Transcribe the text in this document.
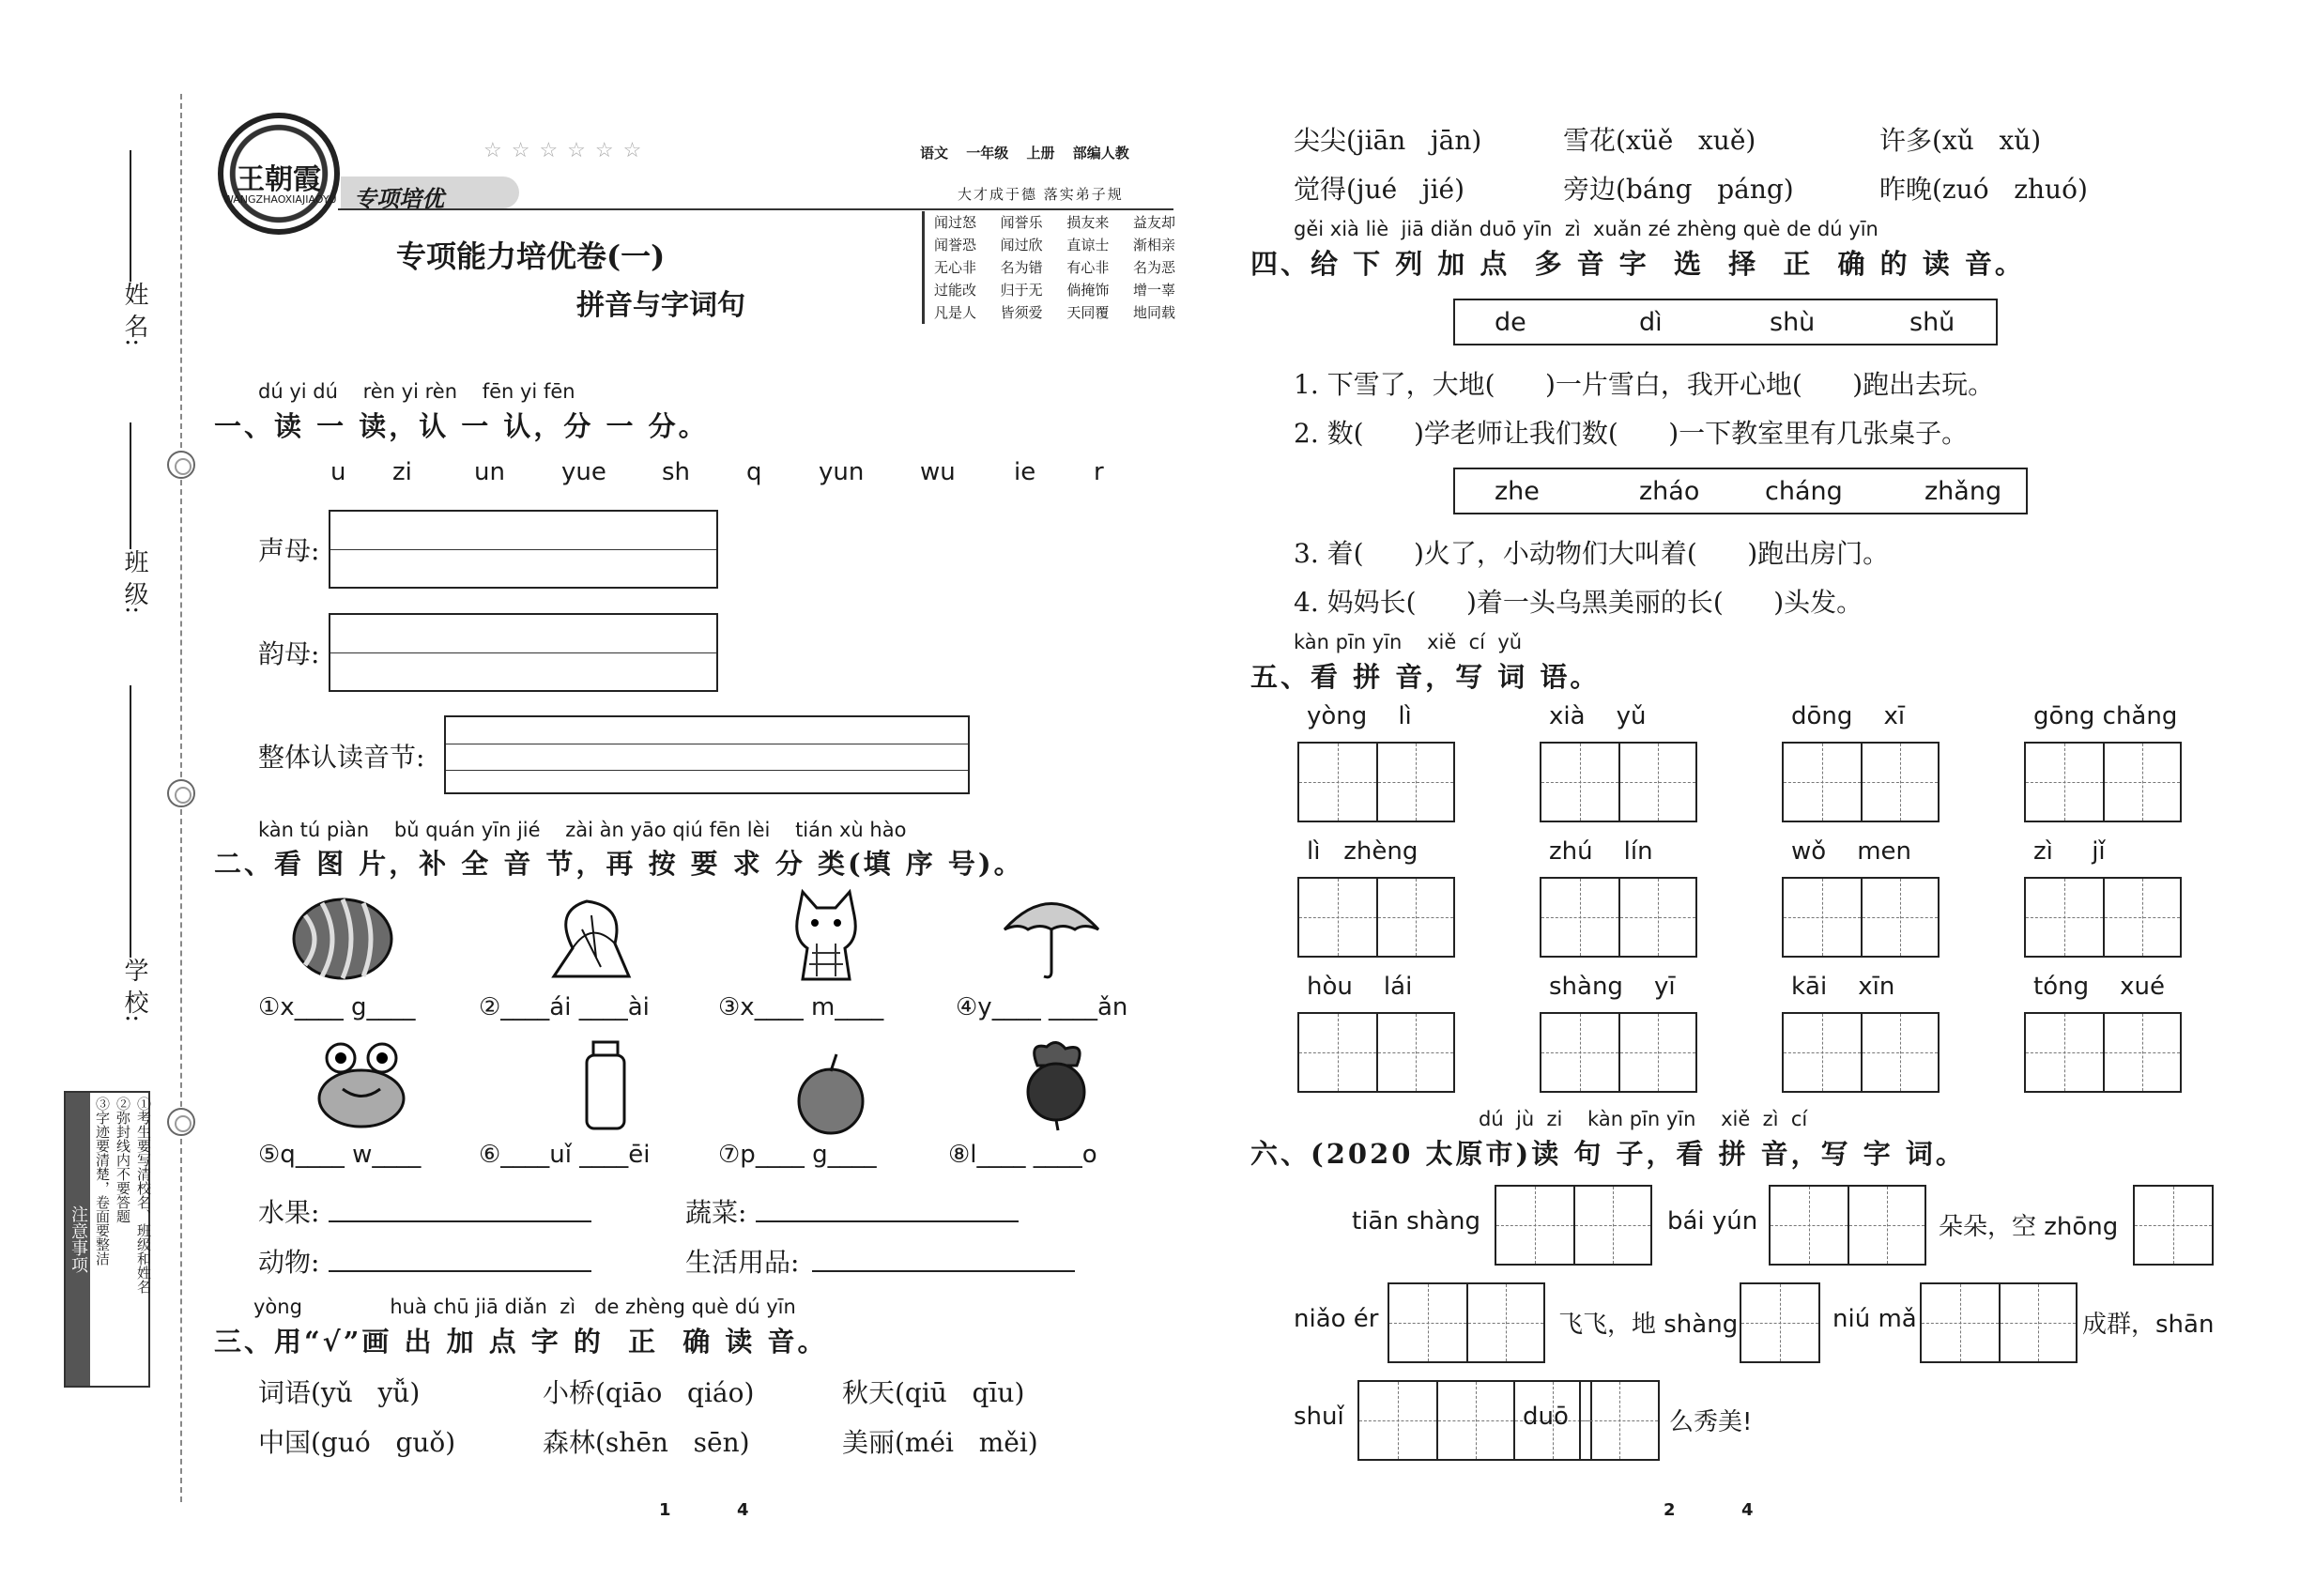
姓 名:
班 级:
学 校:
注意事项	①考生要写清校名、班级和姓名
②弥封线内不要答题
③字迹要清楚，卷面要整洁
王朝霞
WANGZHAOXIAJIAOYU
☆☆☆☆☆☆
专项培优
语文 一年级 上册 部编人教
大才成于德 落实弟子规
闻过怒 闻誉乐 损友来 益友却
闻誉恐 闻过欣 直谅士 渐相亲
无心非 名为错 有心非 名为恶
过能改 归于无 倘掩饰 增一辜
凡是人 皆须爱 天同覆 地同载
专项能力培优卷(一)
拼音与字词句
dú yi dú    rèn yi rèn    fēn yi fēn
一、读 一 读，认 一 认，分 一 分。
u zi	un yue sh q yun wu ie r
声母:
韵母:
整体认读音节:
kàn tú piàn    bǔ quán yīn jié    zài àn yāo qiú fēn lèi    tián xù hào
二、看 图 片，补 全 音 节，再 按 要 求 分 类(填 序 号)。
①x____ g____	②____ái ____ài	③x____ m____	④y____ ____ǎn
⑤q____ w____ ⑥____uǐ ____ēi	⑦p____ g____	⑧l____ ____o
水果:	蔬菜:
动物:	生活用品:
yòng              huà chū jiā diǎn  zì   de zhèng què dú yīn
三、用“√”画 出 加 点 字 的  正  确 读 音。
词语(yǔ   yǚ)	小桥(qiāo   qiáo)	秋天(qiū   qīu)
中国(guó   guǒ)	森林(shēn   sēn)	美丽(méi   měi)
1	4
尖尖(jiān   jān)	雪花(xüě   xuě)	许多(xǔ   xǔ)
觉得(jué   jié)	旁边(báng   páng)	昨晚(zuó   zhuó)
gěi xià liè  jiā diǎn duō yīn  zì  xuǎn zé zhèng què de dú yīn
四、给 下 列 加 点  多 音 字  选  择  正  确 的 读 音。
de	dì	shù	shǔ
1. 下雪了，大地(      )一片雪白，我开心地(      )跑出去玩。
2. 数(      )学老师让我们数(      )一下教室里有几张桌子。
zhe	zháo	cháng	zhǎng
3. 着(      )火了，小动物们大叫着(      )跑出房门。
4. 妈妈长(      )着一头乌黑美丽的长(      )头发。
kàn pīn yīn    xiě  cí  yǔ
五、看 拼 音，写 词 语。
yòng    lì	xià    yǔ	dōng    xī	gōng chǎng
lì   zhèng	zhú    lín	wǒ    men	zì     jǐ
hòu    lái	shàng    yī	kāi    xīn	tóng    xué
dú  jù  zi    kàn pīn yīn    xiě  zì  cí
六、(2020 太原市)读 句 子，看 拼 音，写 字 词。
tiān shàng	bái yún	朵朵，空 zhōng
niǎo ér	飞飞，地 shàng	niú mǎ	成群，shān
shuǐ	duō	么秀美!
2	4
